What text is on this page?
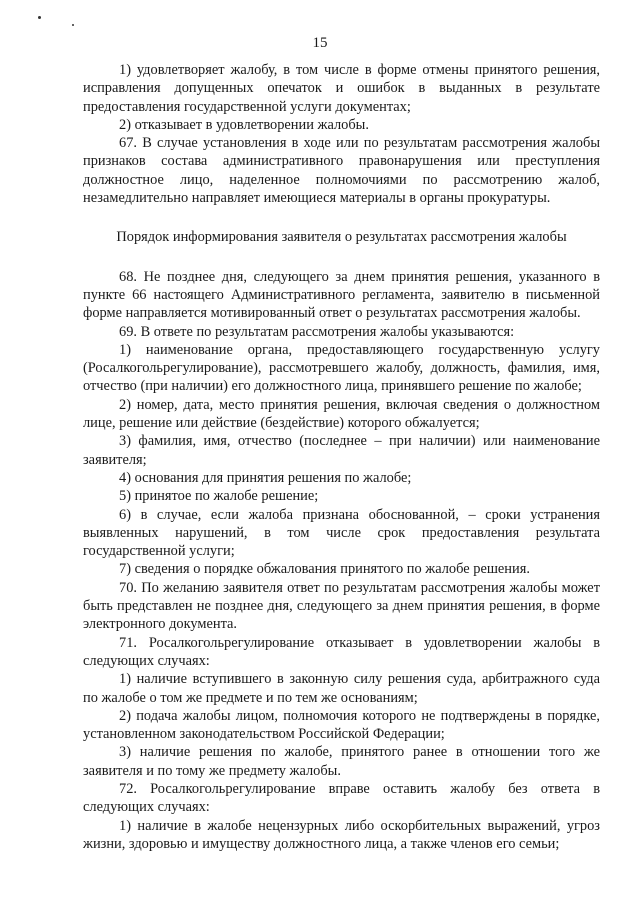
15

1) удовлетворяет жалобу, в том числе в форме отмены принятого решения, исправления допущенных опечаток и ошибок в выданных в результате предоставления государственной услуги документах;

2) отказывает в удовлетворении жалобы.

67. В случае установления в ходе или по результатам рассмотрения жалобы признаков состава административного правонарушения или преступления должностное лицо, наделенное полномочиями по рассмотрению жалоб, незамедлительно направляет имеющиеся материалы в органы прокуратуры.

Порядок информирования заявителя о результатах рассмотрения жалобы

68. Не позднее дня, следующего за днем принятия решения, указанного в пункте 66 настоящего Административного регламента, заявителю в письменной форме направляется мотивированный ответ о результатах рассмотрения жалобы.

69. В ответе по результатам рассмотрения жалобы указываются:

1) наименование органа, предоставляющего государственную услугу (Росалкогольрегулирование), рассмотревшего жалобу, должность, фамилия, имя, отчество (при наличии) его должностного лица, принявшего решение по жалобе;

2) номер, дата, место принятия решения, включая сведения о должностном лице, решение или действие (бездействие) которого обжалуется;

3) фамилия, имя, отчество (последнее – при наличии) или наименование заявителя;

4) основания для принятия решения по жалобе;

5) принятое по жалобе решение;

6) в случае, если жалоба признана обоснованной, – сроки устранения выявленных нарушений, в том числе срок предоставления результата государственной услуги;

7) сведения о порядке обжалования принятого по жалобе решения.

70. По желанию заявителя ответ по результатам рассмотрения жалобы может быть представлен не позднее дня, следующего за днем принятия решения, в форме электронного документа.

71. Росалкогольрегулирование отказывает в удовлетворении жалобы в следующих случаях:

1) наличие вступившего в законную силу решения суда, арбитражного суда по жалобе о том же предмете и по тем же основаниям;

2) подача жалобы лицом, полномочия которого не подтверждены в порядке, установленном законодательством Российской Федерации;

3) наличие решения по жалобе, принятого ранее в отношении того же заявителя и по тому же предмету жалобы.

72. Росалкогольрегулирование вправе оставить жалобу без ответа в следующих случаях:

1) наличие в жалобе нецензурных либо оскорбительных выражений, угроз жизни, здоровью и имуществу должностного лица, а также членов его семьи;
